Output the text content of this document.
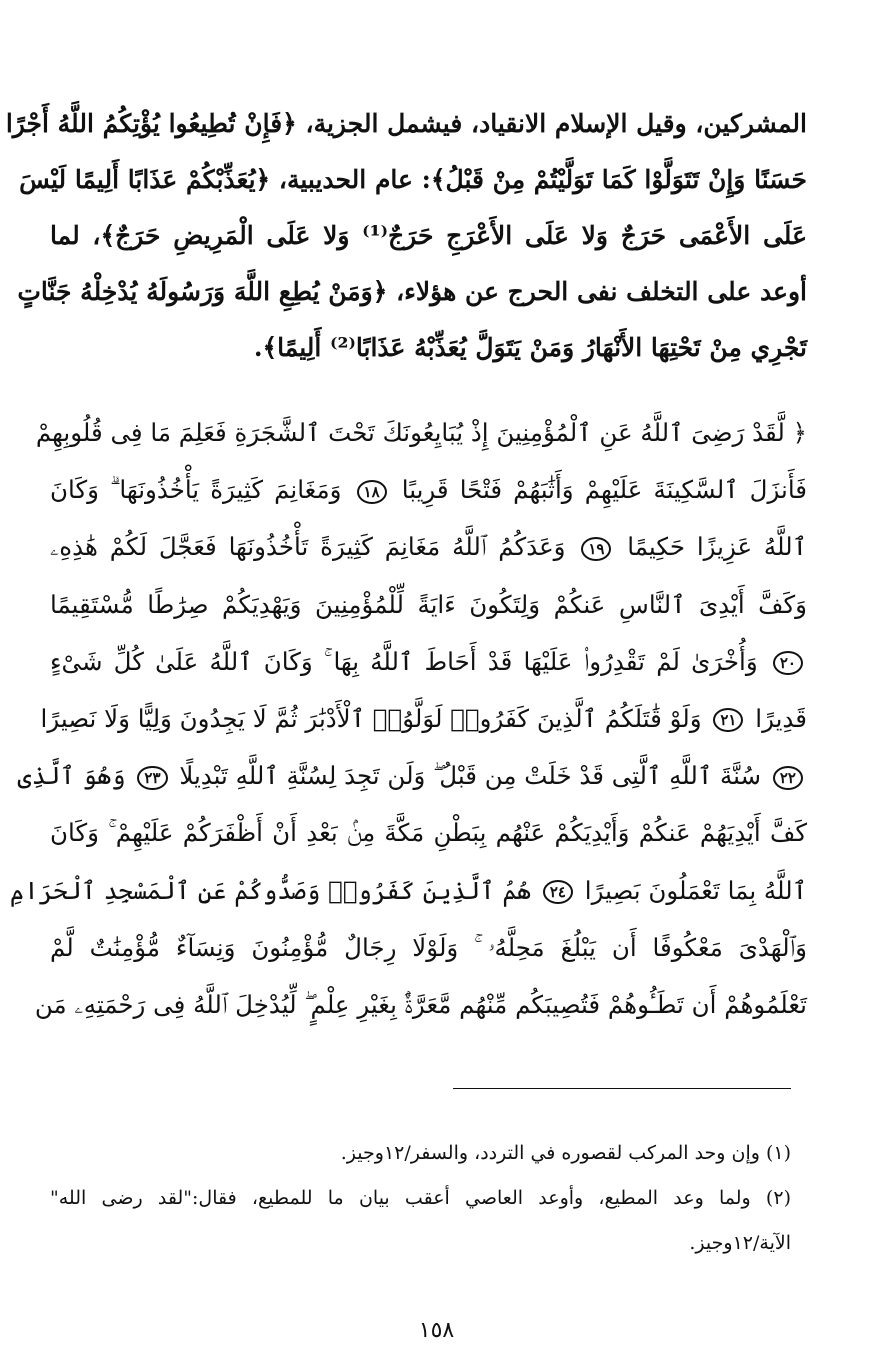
المشركين، وقيل الإسلام الانقياد، فيشمل الجزية، ﴿فَإِنْ تُطِيعُوا يُؤْتِكُمُ اللَّهُ أَجْرًا
حَسَنًا وَإِنْ تَتَوَلَّوْا كَمَا تَوَلَّيْتُمْ مِنْ قَبْلُ﴾: عام الحديبية، ﴿يُعَذِّبْكُمْ عَذَابًا أَلِيمًا لَيْسَ
عَلَى الأَعْمَى حَرَجٌ وَلا عَلَى الأَعْرَجِ حَرَجٌ⁽¹⁾ وَلا عَلَى الْمَرِيضِ حَرَجٌ﴾، لما
أوعد على التخلف نفى الحرج عن هؤلاء، ﴿وَمَنْ يُطِعِ اللَّهَ وَرَسُولَهُ يُدْخِلْهُ جَنَّاتٍ
تَجْرِي مِنْ تَحْتِهَا الأَنْهَارُ وَمَنْ يَتَوَلَّ يُعَذِّبْهُ عَذَابًا⁽²⁾ أَلِيمًا﴾.
﴿ لَّقَدْ رَضِىَ ٱللَّهُ عَنِ ٱلْمُؤْمِنِينَ إِذْ يُبَايِعُونَكَ تَحْتَ ٱلشَّجَرَةِ فَعَلِمَ مَا فِى قُلُوبِهِمْ
فَأَنزَلَ ٱلسَّكِينَةَ عَلَيْهِمْ وَأَثَٰبَهُمْ فَتْحًا قَرِيبًا ١٨ وَمَغَانِمَ كَثِيرَةً يَأْخُذُونَهَا ۗ وَكَانَ
ٱللَّهُ عَزِيزًا حَكِيمًا ١٩ وَعَدَكُمُ ٱللَّهُ مَغَانِمَ كَثِيرَةً تَأْخُذُونَهَا فَعَجَّلَ لَكُمْ هَٰذِهِۦ
وَكَفَّ أَيْدِىَ ٱلنَّاسِ عَنكُمْ وَلِتَكُونَ ءَايَةً لِّلْمُؤْمِنِينَ وَيَهْدِيَكُمْ صِرَٰطًا مُّسْتَقِيمًا
٢٠ وَأُخْرَىٰ لَمْ تَقْدِرُوا۟ عَلَيْهَا قَدْ أَحَاطَ ٱللَّهُ بِهَا ۚ وَكَانَ ٱللَّهُ عَلَىٰ كُلِّ شَىْءٍ
قَدِيرًا ٢١ وَلَوْ قَٰتَلَكُمُ ٱلَّذِينَ كَفَرُوا۟ لَوَلَّوُا۟ ٱلْأَدْبَٰرَ ثُمَّ لَا يَجِدُونَ وَلِيًّا وَلَا نَصِيرًا
٢٢ سُنَّةَ ٱللَّهِ ٱلَّتِى قَدْ خَلَتْ مِن قَبْلُ ۖ وَلَن تَجِدَ لِسُنَّةِ ٱللَّهِ تَبْدِيلًا ٢٣ وَهُوَ ٱلَّذِى
كَفَّ أَيْدِيَهُمْ عَنكُمْ وَأَيْدِيَكُمْ عَنْهُم بِبَطْنِ مَكَّةَ مِنۢ بَعْدِ أَنْ أَظْفَرَكُمْ عَلَيْهِمْ ۚ وَكَانَ
ٱللَّهُ بِمَا تَعْمَلُونَ بَصِيرًا ٢٤ هُمُ ٱلَّذِينَ كَفَرُوا۟ وَصَدُّوكُمْ عَنِ ٱلْمَسْجِدِ ٱلْحَرَامِ
وَٱلْهَدْىَ مَعْكُوفًا أَن يَبْلُغَ مَحِلَّهُۥ ۚ وَلَوْلَا رِجَالٌ مُّؤْمِنُونَ وَنِسَآءٌ مُّؤْمِنَٰتٌ لَّمْ
تَعْلَمُوهُمْ أَن تَطَـُٔوهُمْ فَتُصِيبَكُم مِّنْهُم مَّعَرَّةٌۢ بِغَيْرِ عِلْمٍ ۖ لِّيُدْخِلَ ٱللَّهُ فِى رَحْمَتِهِۦ مَن
(١) وإن وحد المركب لقصوره في التردد، والسفر/١٢وجيز.
(٢) ولما وعد المطيع، وأوعد العاصي أعقب بيان ما للمطيع، فقال:"لقد رضى الله"
الآية/١٢وجيز.
١٥٨
